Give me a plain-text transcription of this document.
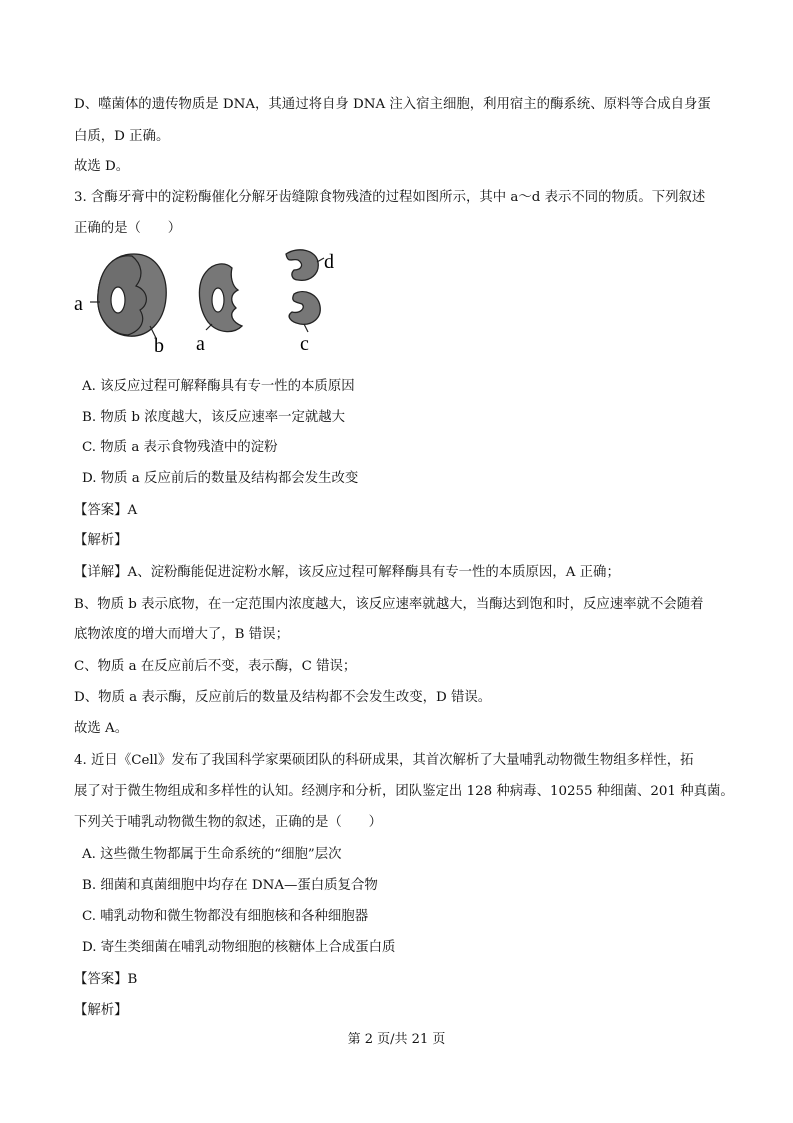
D、噬菌体的遗传物质是 DNA，其通过将自身 DNA 注入宿主细胞，利用宿主的酶系统、原料等合成自身蛋
白质，D 正确。
故选 D。
3. 含酶牙膏中的淀粉酶催化分解牙齿缝隙食物残渣的过程如图所示，其中 a～d 表示不同的物质。下列叙述
正确的是（　　）
a
b a
d
c
A. 该反应过程可解释酶具有专一性的本质原因
B. 物质 b 浓度越大，该反应速率一定就越大
C. 物质 a 表示食物残渣中的淀粉
D. 物质 a 反应前后的数量及结构都会发生改变
【答案】A
【解析】
【详解】A、淀粉酶能促进淀粉水解，该反应过程可解释酶具有专一性的本质原因，A 正确；
B、物质 b 表示底物，在一定范围内浓度越大，该反应速率就越大，当酶达到饱和时，反应速率就不会随着
底物浓度的增大而增大了，B 错误；
C、物质 a 在反应前后不变，表示酶，C 错误；
D、物质 a 表示酶，反应前后的数量及结构都不会发生改变，D 错误。
故选 A。
4. 近日《Cell》发布了我国科学家栗硕团队的科研成果，其首次解析了大量哺乳动物微生物组多样性，拓
展了对于微生物组成和多样性的认知。经测序和分析，团队鉴定出 128 种病毒、10255 种细菌、201 种真菌。
下列关于哺乳动物微生物的叙述，正确的是（　　）
A. 这些微生物都属于生命系统的“细胞”层次
B. 细菌和真菌细胞中均存在 DNA—蛋白质复合物
C. 哺乳动物和微生物都没有细胞核和各种细胞器
D. 寄生类细菌在哺乳动物细胞的核糖体上合成蛋白质
【答案】B
【解析】
第 2 页/共 21 页
